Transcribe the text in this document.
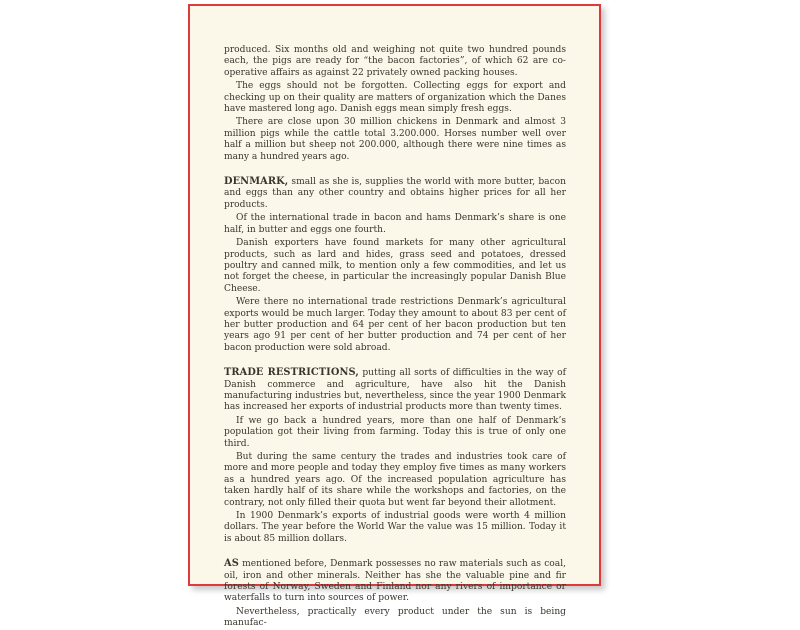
produced. Six months old and weighing not quite two hundred pounds each, the pigs are ready for “the bacon factories”, of which 62 are co-operative affairs as against 22 privately owned packing houses.

The eggs should not be forgotten. Collecting eggs for export and checking up on their quality are matters of organization which the Danes have mastered long ago. Danish eggs mean simply fresh eggs.

There are close upon 30 million chickens in Denmark and almost 3 million pigs while the cattle total 3.200.000. Horses number well over half a million but sheep not 200.000, although there were nine times as many a hundred years ago.

DENMARK, small as she is, supplies the world with more butter, bacon and eggs than any other country and obtains higher prices for all her products.

Of the international trade in bacon and hams Denmark’s share is one half, in butter and eggs one fourth.

Danish exporters have found markets for many other agricultural products, such as lard and hides, grass seed and potatoes, dressed poultry and canned milk, to mention only a few commodities, and let us not forget the cheese, in particular the increasingly popular Danish Blue Cheese.

Were there no international trade restrictions Denmark’s agricultural exports would be much larger. Today they amount to about 83 per cent of her butter production and 64 per cent of her bacon production but ten years ago 91 per cent of her butter production and 74 per cent of her bacon production were sold abroad.

TRADE RESTRICTIONS, putting all sorts of difficulties in the way of Danish commerce and agriculture, have also hit the Danish manufacturing industries but, nevertheless, since the year 1900 Denmark has increased her exports of industrial products more than twenty times.

If we go back a hundred years, more than one half of Denmark’s population got their living from farming. Today this is true of only one third.

But during the same century the trades and industries took care of more and more people and today they employ five times as many workers as a hundred years ago. Of the increased population agriculture has taken hardly half of its share while the workshops and factories, on the contrary, not only filled their quota but went far beyond their allotment.

In 1900 Denmark’s exports of industrial goods were worth 4 million dollars. The year before the World War the value was 15 million. Today it is about 85 million dollars.

AS mentioned before, Denmark possesses no raw materials such as coal, oil, iron and other minerals. Neither has she the valuable pine and fir forests of Norway, Sweden and Finland nor any rivers of importance or waterfalls to turn into sources of power.

Nevertheless, practically every product under the sun is being manufac-
